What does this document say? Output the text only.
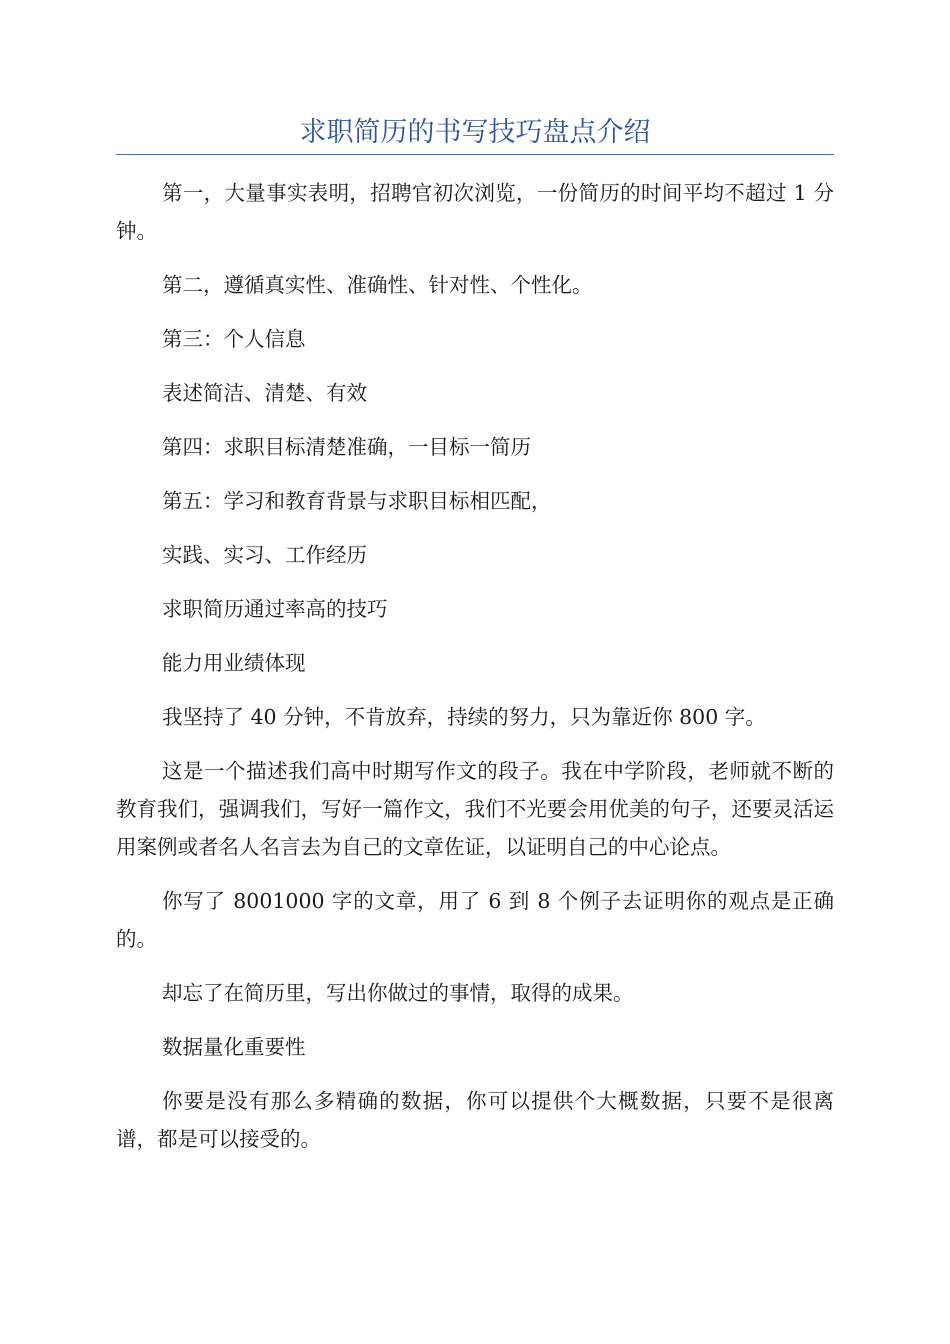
求职简历的书写技巧盘点介绍

第一，大量事实表明，招聘官初次浏览，一份简历的时间平均不超过 1 分钟。

第二，遵循真实性、准确性、针对性、个性化。

第三：个人信息

表述简洁、清楚、有效

第四：求职目标清楚准确，一目标一简历

第五：学习和教育背景与求职目标相匹配，

实践、实习、工作经历

求职简历通过率高的技巧

能力用业绩体现

我坚持了 40 分钟，不肯放弃，持续的努力，只为靠近你 800 字。

这是一个描述我们高中时期写作文的段子。我在中学阶段，老师就不断的教育我们，强调我们，写好一篇作文，我们不光要会用优美的句子，还要灵活运用案例或者名人名言去为自己的文章佐证，以证明自己的中心论点。

你写了 8001000 字的文章，用了 6 到 8 个例子去证明你的观点是正确的。

却忘了在简历里，写出你做过的事情，取得的成果。

数据量化重要性

你要是没有那么多精确的数据，你可以提供个大概数据，只要不是很离谱，都是可以接受的。
